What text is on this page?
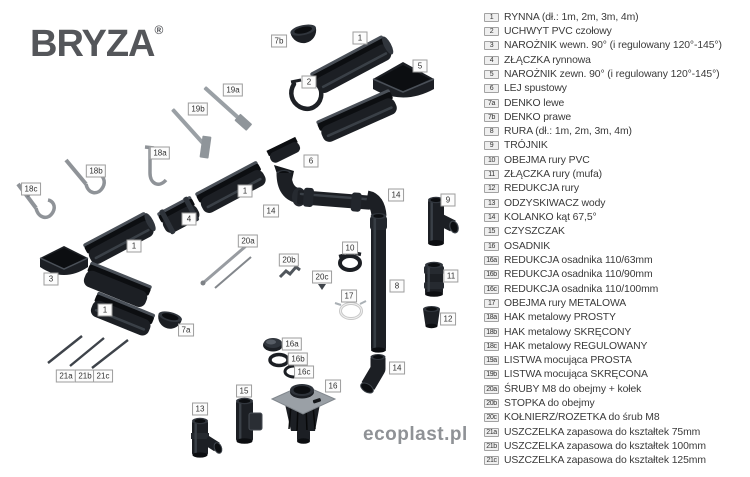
BRYZA®
7b	1
5
2
19a
19b
18a
6
18b
18c	1	14
9
14
4
20a
1	10
20b
11
20c
3
8
17
1
12
7a
16a
16b
14
16c
21a 21b 21c
16
15
13
ecoplast.pl
1	RYNNA (dł.: 1m, 2m, 3m, 4m)
2	UCHWYT PVC czołowy
3	NAROŻNIK wewn. 90° (i regulowany 120°-145°)
4	ZŁĄCZKA rynnowa
5	NAROŻNIK zewn. 90° (i regulowany 120°-145°)
6	LEJ spustowy
7a DENKO lewe
7b DENKO prawe
8	RURA (dł.: 1m, 2m, 3m, 4m)
9	TRÓJNIK
10 OBEJMA rury PVC
11 ZŁĄCZKA rury (mufa)
12 REDUKCJA rury
13 ODZYSKIWACZ wody
14 KOLANKO kąt 67,5°
15 CZYSZCZAK
16 OSADNIK
16a REDUKCJA osadnika 110/63mm
16b REDUKCJA osadnika 110/90mm
16c REDUKCJA osadnika 110/100mm
17 OBEJMA rury METALOWA
18a HAK metalowy PROSTY
18b HAK metalowy SKRĘCONY
18c HAK metalowy REGULOWANY
19a LISTWA mocująca PROSTA
19b LISTWA mocująca SKRĘCONA
20a ŚRUBY M8 do obejmy + kołek
20b STOPKA do obejmy
20c KOŁNIERZ/ROZETKA do śrub M8
21a USZCZELKA zapasowa do kształtek 75mm
21b USZCZELKA zapasowa do kształtek 100mm
21c USZCZELKA zapasowa do kształtek 125mm
